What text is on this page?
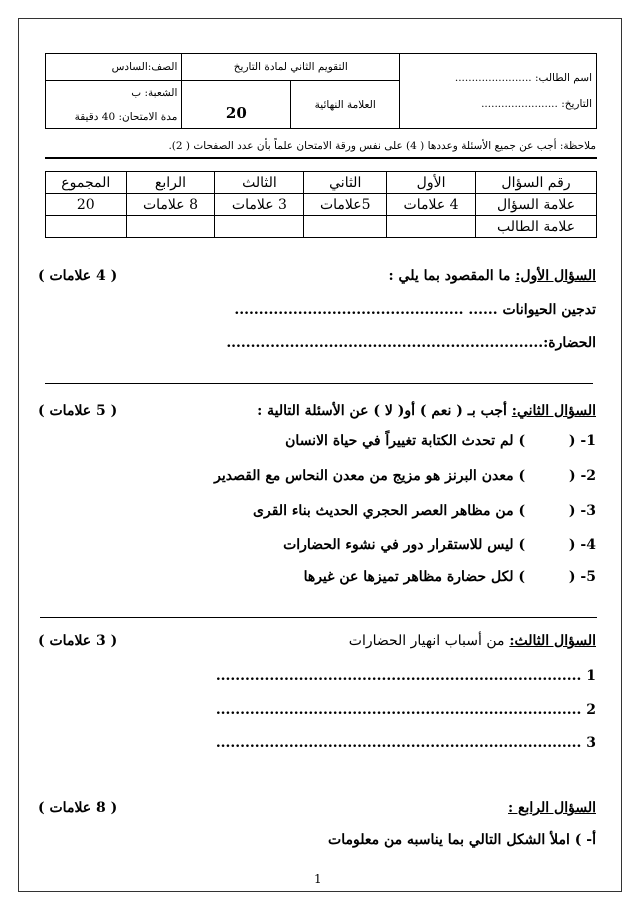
اسم الطالب: .......................
التاريخ: .......................	التقويم الثاني لمادة التاريخ		الصف:السادس
	العلامة النهائية	20	الشعبة: ب
مدة الامتحان: 40 دقيقة
ملاحظة: أجب عن جميع الأسئلة وعددها ( 4) على نفس ورقة الامتحان علماً بأن عدد الصفحات ( 2).
رقم السؤال	الأول	الثاني	الثالث	الرابع	المجموع
علامة السؤال	4 علامات	5علامات	3 علامات	8 علامات	20
علامة الطالب					
السؤال الأول: ما المقصود بما يلي :
( 4 علامات )
تدجين الحيوانات ...... ...............................................
الحضارة:.................................................................
السؤال الثاني: أجب بـ ( نعم ) أو( لا ) عن الأسئلة التالية :
( 5 علامات )
1- (         ) لم تحدث الكتابة تغييراً في حياة الانسان
2- (         ) معدن البرنز هو مزيج من معدن النحاس مع القصدير
3- (         ) من مظاهر العصر الحجري الحديث بناء القرى
4- (         ) ليس للاستقرار دور في نشوء الحضارات
5- (         ) لكل حضارة مظاهر تميزها عن غيرها
السؤال الثالث: من أسباب انهيار الحضارات
( 3 علامات )
1 ...........................................................................
2 ...........................................................................
3 ...........................................................................
السؤال الرابع :
( 8 علامات )
أ- ) املأ الشكل التالي بما يناسبه من معلومات
1
